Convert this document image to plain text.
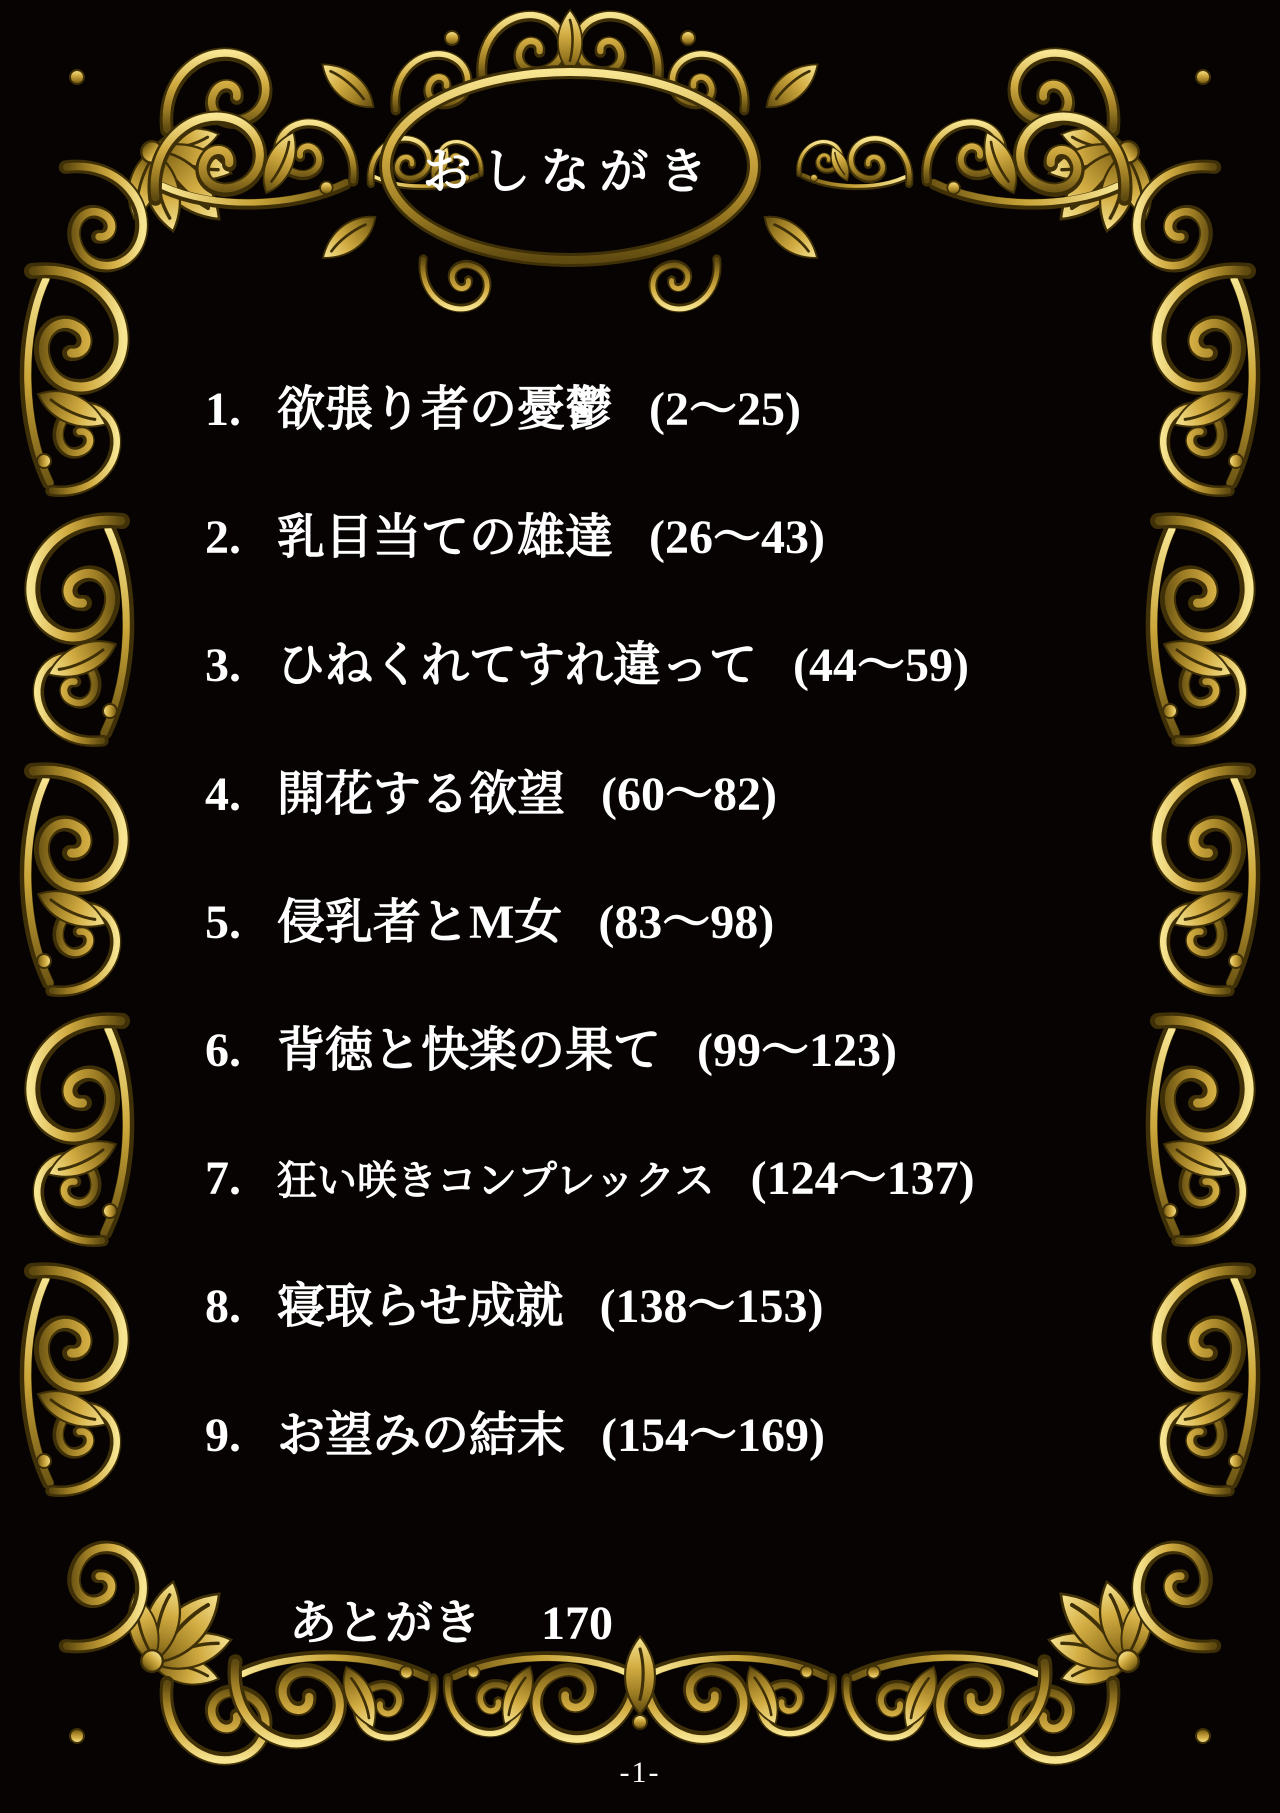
おしながき
1. 欲張り者の憂鬱 (2〜25)
2. 乳目当ての雄達 (26〜43)
3. ひねくれてすれ違って (44〜59)
4. 開花する欲望 (60〜82)
5. 侵乳者とM女 (83〜98)
6. 背徳と快楽の果て (99〜123)
7. 狂い咲きコンプレックス (124〜137)
8. 寝取らせ成就 (138〜153)
9. お望みの結末 (154〜169)
あとがき 170
-1-
